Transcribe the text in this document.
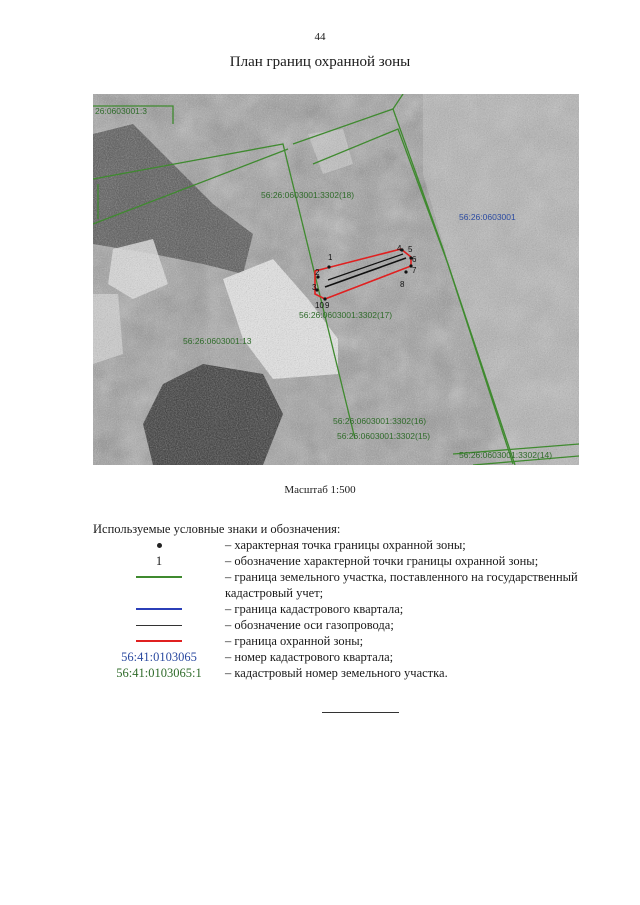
44
План границ охранной зоны
1
2
3
4 5
6
7
8
9
10
26:0603001:3
56:26:0603001:3302(18)
56:26:0603001
56:26:0603001:3302(17)
56:26:0603001:13
56:26:0603001:3302(16)
56:26:0603001:3302(15)
56:26:0603001:3302(14)
Масштаб 1:500
Используемые условные знаки и обозначения:
– характерная точка границы охранной зоны;
1	– обозначение характерной точки границы охранной зоны;
– граница земельного участка, поставленного на государственный кадастровый учет;
– граница кадастрового квартала;
– обозначение оси газопровода;
– граница охранной зоны;
56:41:0103065	– номер кадастрового квартала;
56:41:0103065:1	– кадастровый номер земельного участка.
